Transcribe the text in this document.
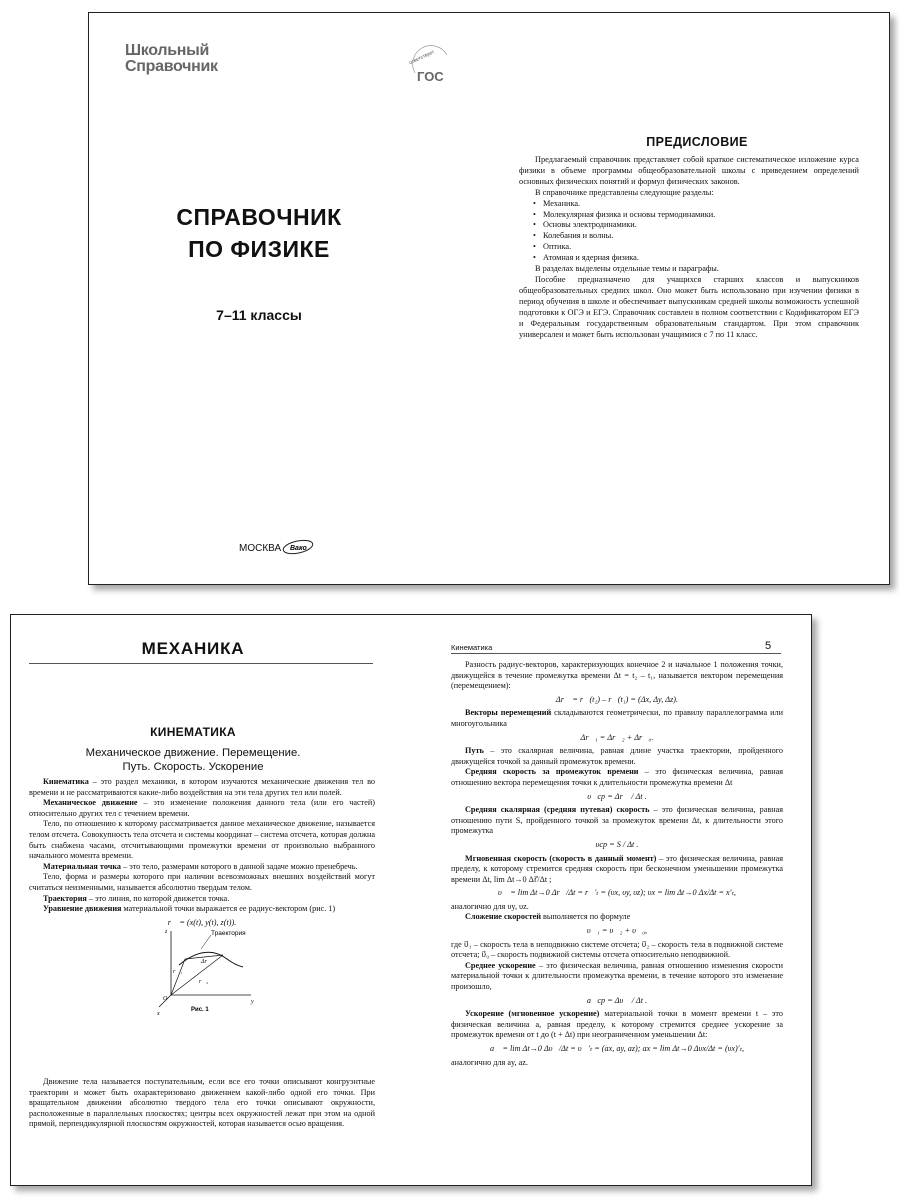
Школьный
Справочник
ответствует
ГОС
СПРАВОЧНИК
ПО ФИЗИКЕ
7–11 классы
МОСКВА Вако
ПРЕДИСЛОВИЕ

Предлагаемый справочник представляет собой краткое систематическое изложение курса физики в объеме программы общеобразовательной школы с приведением определений основных физических понятий и формул физических законов.

В справочнике представлены следующие разделы:

• Механика.
• Молекулярная физика и основы термодинамики.
• Основы электродинамики.
• Колебания и волны.
• Оптика.
• Атомная и ядерная физика.

В разделах выделены отдельные темы и параграфы.

Пособие предназначено для учащихся старших классов и выпускников общеобразовательных средних школ. Оно может быть использовано при изучении физики в период обучения в школе и обеспечивает выпускникам средней школы возможность успешной подготовки к ОГЭ и ЕГЭ. Справочник составлен в полном соответствии с Кодификатором ЕГЭ и Федеральным государственным образовательным стандартом. При этом справочник универсален и может быть использован учащимися с 7 по 11 класс.

МЕХАНИКА
КИНЕМАТИКА
Механическое движение. Перемещение.
Путь. Скорость. Ускорение

Кинематика – это раздел механики, в котором изучаются механические движения тел во времени и не рассматриваются какие-либо воздействия на эти тела других тел или полей.

Механическое движение – это изменение положения данного тела (или его частей) относительно других тел с течением времени.

Тело, по отношению к которому рассматривается данное механическое движение, называется телом отсчета. Совокупность тела отсчета и системы координат – система отсчета, которая должна быть снабжена часами, отсчитывающими промежутки времени от произвольно выбранного начального момента времени.

Материальная точка – это тело, размерами которого в данной задаче можно пренебречь.

Тело, форма и размеры которого при наличии всевозможных внешних воздействий могут считаться неизменными, называется абсолютно твердым телом.

Траектория – это линия, по которой движется точка.

Уравнение движения материальной точки выражается ее радиус-вектором (рис. 1)

r⃗ = (x(t), y(t), z(t)).

z
y
x
O
Траектория
r⃗₁
r⃗₂
Δr⃗
Рис. 1

Движение тела называется поступательным, если все его точки описывают конгруэнтные траектории и может быть охарактеризовано движением какой-либо одной его точки. При вращательном движении абсолютно твердого тела его точки описывают окружности, расположенные в параллельных плоскостях; центры всех окружностей лежат при этом на одной прямой, перпендикулярной плоскостям окружностей, которая называется осью вращения.

Кинематика	5

Разность радиус-векторов, характеризующих конечное 2 и начальное 1 положения точки, движущейся в течение промежутка времени Δt = t₂ – t₁, называется вектором перемещения (перемещением):

Δr⃗ = r⃗(t₂) – r⃗(t₁) = (Δx, Δy, Δz).

Векторы перемещений складываются геометрически, по правилу параллелограмма или многоугольника

Δr⃗₁ = Δr⃗₂ + Δr⃗₀.

Путь – это скалярная величина, равная длине участка траектории, пройденного движущейся точкой за данный промежуток времени.

Средняя скорость за промежуток времени – это физическая величина, равная отношению вектора перемещения точки к длительности промежутка времени Δt

υ⃗ср = Δr⃗ / Δt .

Средняя скалярная (средняя путевая) скорость – это физическая величина, равная отношению пути S, пройденного точкой за промежуток времени Δt, к длительности этого промежутка

υср = S / Δt .

Мгновенная скорость (скорость в данный момент) – это физическая величина, равная пределу, к которому стремится средняя скорость при бесконечном уменьшении промежутка времени Δt, lim Δt→0 Δr⃗/Δt ;

υ⃗ = lim Δt→0 Δr⃗/Δt = r⃗′ₜ = (υx, υy, υz); υx = lim Δt→0 Δx/Δt = x′ₜ,

аналогично для υy, υz.

Сложение скоростей выполняется по формуле

υ⃗₁ = υ⃗₂ + υ⃗₀,

где υ⃗₁ – скорость тела в неподвижно системе отсчета; υ⃗₂ – скорость тела в подвижной системе отсчета; υ⃗₀ – скорость подвижной системы отсчета относительно неподвижной.

Среднее ускорение – это физическая величина, равная отношению изменения скорости материальной точки к длительности промежутка времени, в течение которого это изменение произошло,

a⃗ср = Δυ⃗ / Δt .

Ускорение (мгновенное ускорение) материальной точки в момент времени t – это физическая величина a, равная пределу, к которому стремится среднее ускорение за промежуток времени от t до (t + Δt) при неограниченном уменьшении Δt:

a⃗ = lim Δt→0 Δυ⃗/Δt = υ⃗′ₜ = (ax, ay, az); ax = lim Δt→0 Δυx/Δt = (υx)′ₜ,

аналогично для ay, az.
